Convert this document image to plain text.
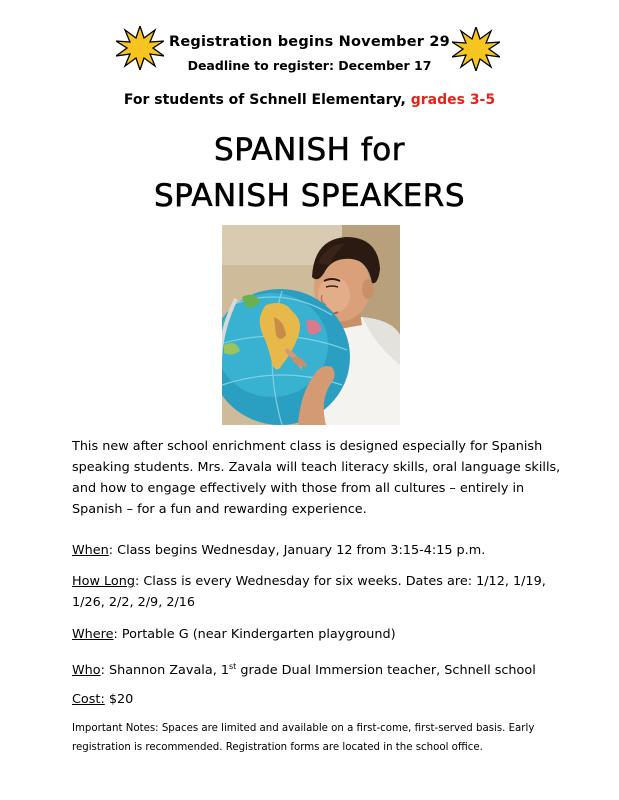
Registration begins November 29
Deadline to register: December 17
For students of Schnell Elementary, grades 3-5
SPANISH for
SPANISH SPEAKERS
This new after school enrichment class is designed especially for Spanish speaking students. Mrs. Zavala will teach literacy skills, oral language skills, and how to engage effectively with those from all cultures – entirely in Spanish – for a fun and rewarding experience.
When: Class begins Wednesday, January 12 from 3:15-4:15 p.m.
How Long: Class is every Wednesday for six weeks. Dates are: 1/12, 1/19, 1/26, 2/2, 2/9, 2/16
Where: Portable G (near Kindergarten playground)
Who: Shannon Zavala, 1st grade Dual Immersion teacher, Schnell school
Cost: $20
Important Notes: Spaces are limited and available on a first-come, first-served basis. Early registration is recommended. Registration forms are located in the school office.
